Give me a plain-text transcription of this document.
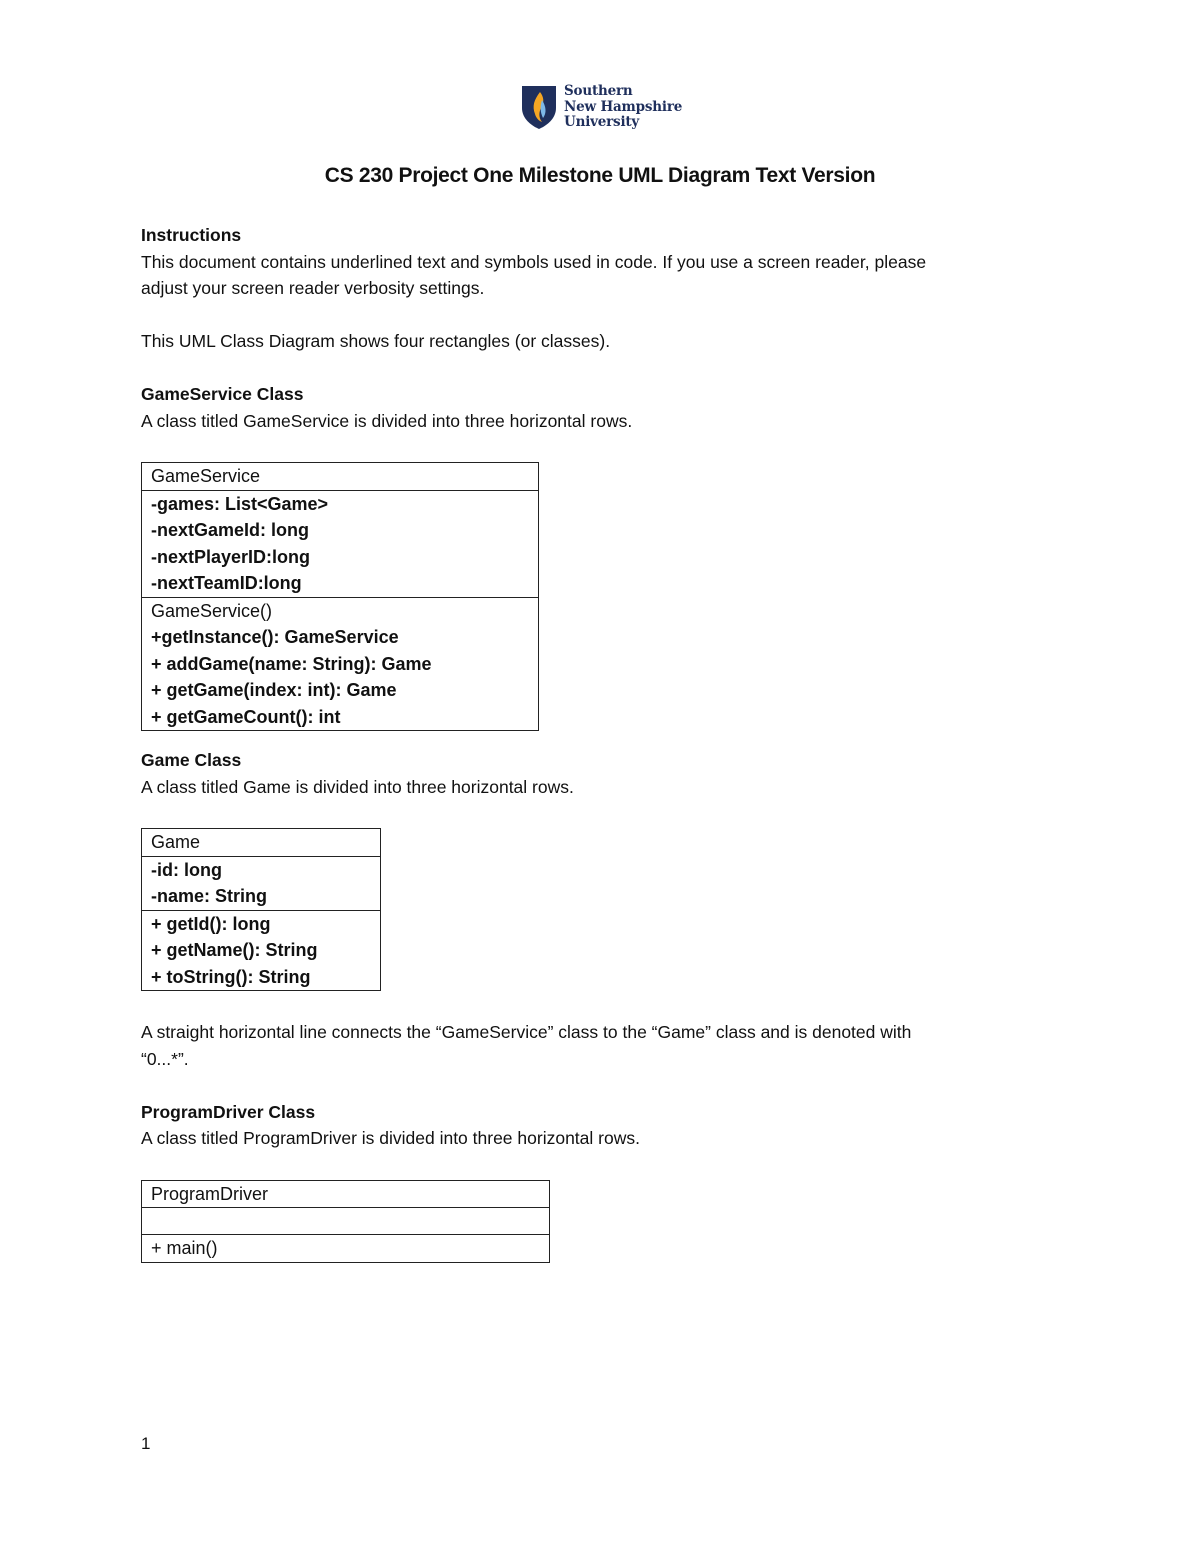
Southern
New Hampshire
University
CS 230 Project One Milestone UML Diagram Text Version

Instructions

This document contains underlined text and symbols used in code. If you use a screen reader, please

adjust your screen reader verbosity settings.

This UML Class Diagram shows four rectangles (or classes).

GameService Class

A class titled GameService is divided into three horizontal rows.

GameService
-games: List<Game>
-nextGameId: long
-nextPlayerID:long
-nextTeamID:long
GameService()
+getInstance(): GameService
+ addGame(name: String): Game
+ getGame(index: int): Game
+ getGameCount(): int

Game Class

A class titled Game is divided into three horizontal rows.

Game
-id: long
-name: String
+ getId(): long
+ getName(): String
+ toString(): String

A straight horizontal line connects the “GameService” class to the “Game” class and is denoted with

“0...*”.

ProgramDriver Class

A class titled ProgramDriver is divided into three horizontal rows.

ProgramDriver
+ main()
1
